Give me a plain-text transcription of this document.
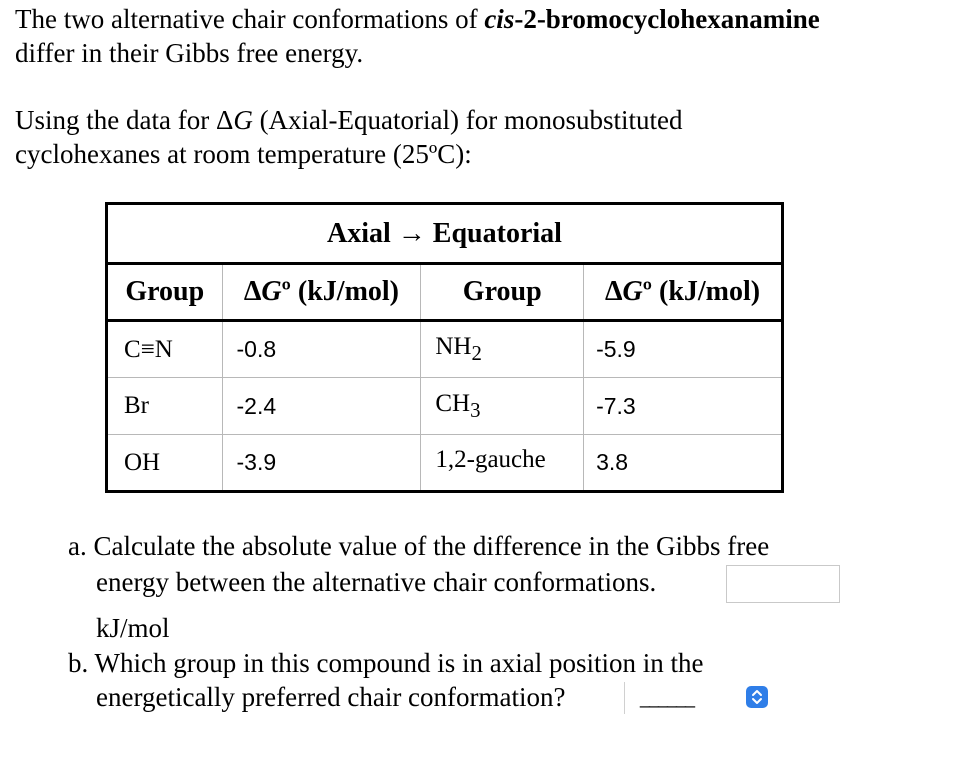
The two alternative chair conformations of cis-2-bromocyclohexanamine
differ in their Gibbs free energy.

Using the data for ΔG (Axial-Equatorial) for monosubstituted
cyclohexanes at room temperature (25ºC):

Axial → Equatorial			
Group	ΔGº (kJ/mol)	Group	ΔGº (kJ/mol)
C≡N	-0.8	$NH_2$	-5.9
Br	-2.4	$CH_3$	-7.3
OH	-3.9	1,2-gauche	3.8

a. Calculate the absolute value of the difference in the Gibbs free

energy between the alternative chair conformations.

kJ/mol

b. Which group in this compound is in axial position in the

energetically preferred chair conformation?	______
